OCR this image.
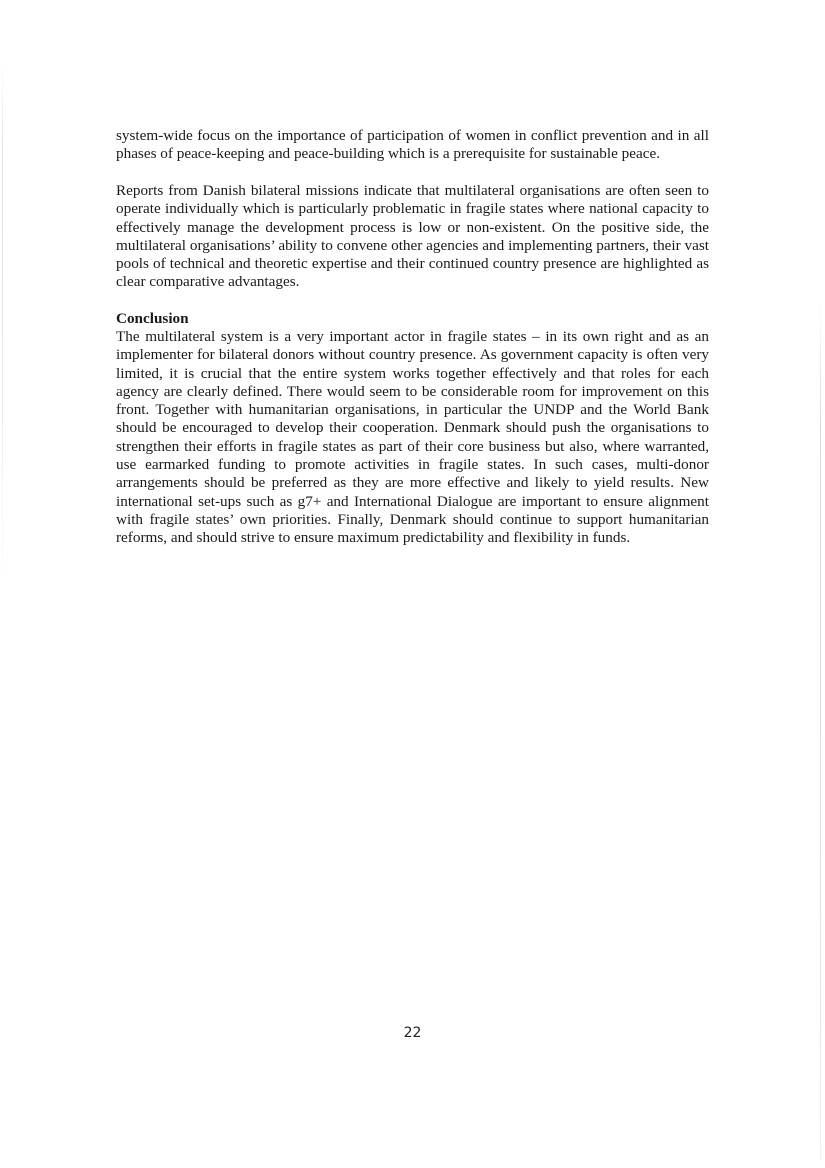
system-wide focus on the importance of participation of women in conflict prevention and in all phases of peace-keeping and peace-building which is a prerequisite for sustainable peace.

Reports from Danish bilateral missions indicate that multilateral organisations are often seen to operate individually which is particularly problematic in fragile states where national capacity to effectively manage the development process is low or non-existent. On the positive side, the multilateral organisations’ ability to convene other agencies and implementing partners, their vast pools of technical and theoretic expertise and their continued country presence are highlighted as clear comparative advantages.

Conclusion

The multilateral system is a very important actor in fragile states – in its own right and as an implementer for bilateral donors without country presence. As government capacity is often very limited, it is crucial that the entire system works together effectively and that roles for each agency are clearly defined. There would seem to be considerable room for improvement on this front. Together with humanitarian organisations, in particular the UNDP and the World Bank should be encouraged to develop their cooperation. Denmark should push the organisations to strengthen their efforts in fragile states as part of their core business but also, where warranted, use earmarked funding to promote activities in fragile states. In such cases, multi-donor arrangements should be preferred as they are more effective and likely to yield results. New international set-ups such as g7+ and International Dialogue are important to ensure alignment with fragile states’ own priorities. Finally, Denmark should continue to support humanitarian reforms, and should strive to ensure maximum predictability and flexibility in funds.

22
